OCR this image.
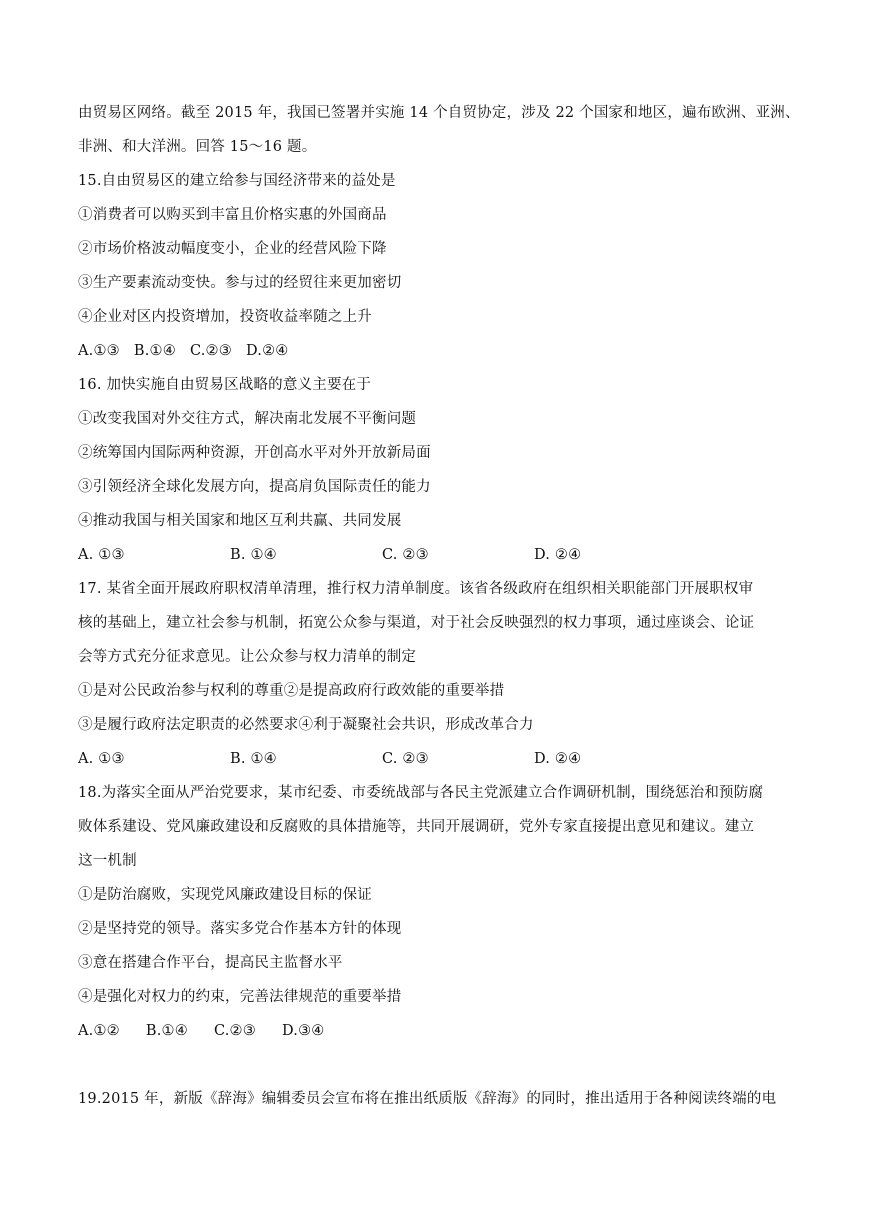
由贸易区网络。截至 2015 年，我国已签署并实施 14 个自贸协定，涉及 22 个国家和地区，遍布欧洲、亚洲、
非洲、和大洋洲。回答 15～16 题。
15.自由贸易区的建立给参与国经济带来的益处是
①消费者可以购买到丰富且价格实惠的外国商品
②市场价格波动幅度变小，企业的经营风险下降
③生产要素流动变快。参与过的经贸往来更加密切
④企业对区内投资增加，投资收益率随之上升
A.①③ B.①④ C.②③ D.②④
16. 加快实施自由贸易区战略的意义主要在于
①改变我国对外交往方式，解决南北发展不平衡问题
②统筹国内国际两种资源，开创高水平对外开放新局面
③引领经济全球化发展方向，提高肩负国际责任的能力
④推动我国与相关国家和地区互利共赢、共同发展
A. ①③	B. ①④	C. ②③	D. ②④
17. 某省全面开展政府职权清单清理，推行权力清单制度。该省各级政府在组织相关职能部门开展职权审
核的基础上，建立社会参与机制，拓宽公众参与渠道，对于社会反映强烈的权力事项，通过座谈会、论证
会等方式充分征求意见。让公众参与权力清单的制定
①是对公民政治参与权利的尊重②是提高政府行政效能的重要举措
③是履行政府法定职责的必然要求④利于凝聚社会共识，形成改革合力
A. ①③	B. ①④	C. ②③	D. ②④
18.为落实全面从严治党要求，某市纪委、市委统战部与各民主党派建立合作调研机制，围绕惩治和预防腐
败体系建设、党风廉政建设和反腐败的具体措施等，共同开展调研，党外专家直接提出意见和建议。建立
这一机制
①是防治腐败，实现党风廉政建设目标的保证
②是坚持党的领导。落实多党合作基本方针的体现
③意在搭建合作平台，提高民主监督水平
④是强化对权力的约束，完善法律规范的重要举措
A.①② B.①④ C.②③ D.③④
19.2015 年，新版《辞海》编辑委员会宣布将在推出纸质版《辞海》的同时，推出适用于各种阅读终端的电
